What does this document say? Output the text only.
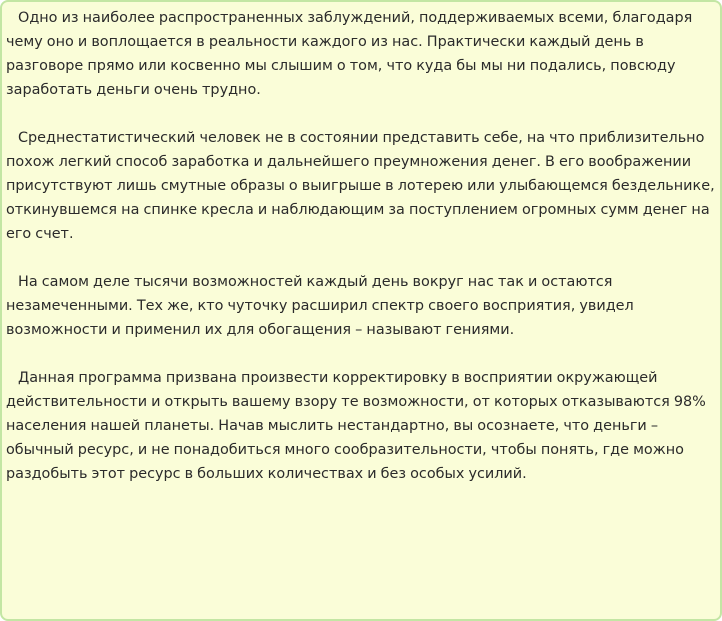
Одно из наиболее распространенных заблуждений, поддерживаемых всеми, благодаря чему оно и воплощается в реальности каждого из нас. Практически каждый день в разговоре прямо или косвенно мы слышим о том, что куда бы мы ни подались, повсюду заработать деньги очень трудно.

Среднестатистический человек не в состоянии представить себе, на что приблизительно похож легкий способ заработка и дальнейшего преумножения денег. В его воображении присутствуют лишь смутные образы о выигрыше в лотерею или улыбающемся бездельнике, откинувшемся на спинке кресла и наблюдающим за поступлением огромных сумм денег на его счет.

На самом деле тысячи возможностей каждый день вокруг нас так и остаются незамеченными. Тех же, кто чуточку расширил спектр своего восприятия, увидел возможности и применил их для обогащения – называют гениями.

Данная программа призвана произвести корректировку в восприятии окружающей действительности и открыть вашему взору те возможности, от которых отказываются 98% населения нашей планеты. Начав мыслить нестандартно, вы осознаете, что деньги – обычный ресурс, и не понадобиться много сообразительности, чтобы понять, где можно раздобыть этот ресурс в больших количествах и без особых усилий.
